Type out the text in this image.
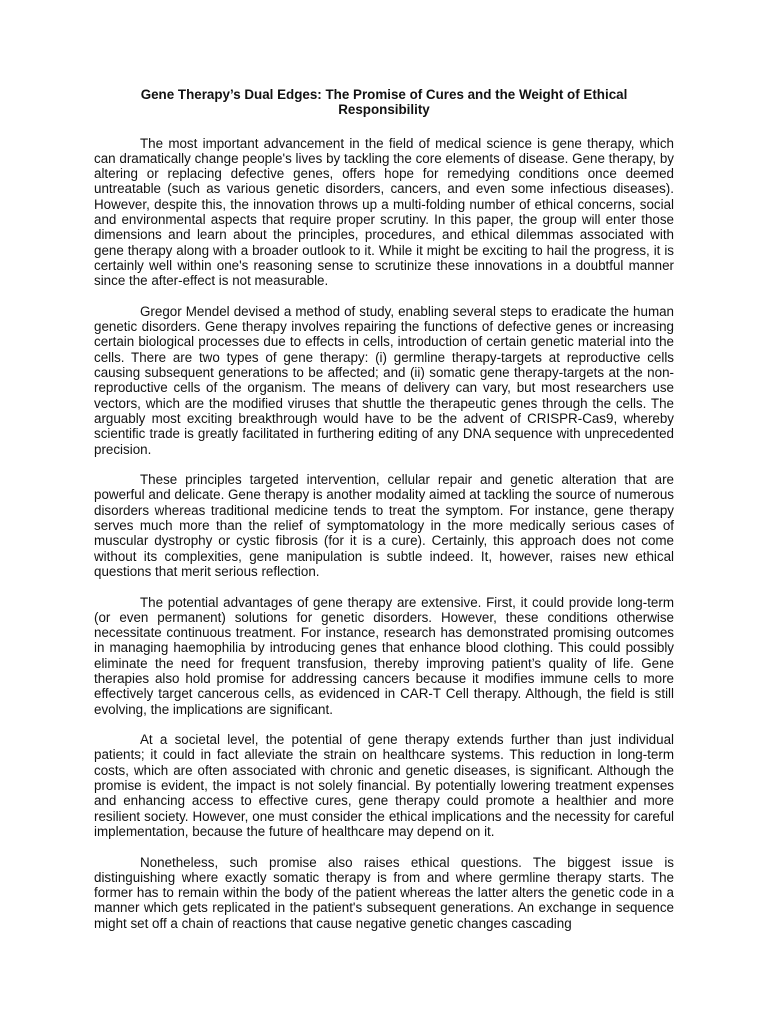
Gene Therapy’s Dual Edges: The Promise of Cures and the Weight of Ethical Responsibility

The most important advancement in the field of medical science is gene therapy, which can dramatically change people's lives by tackling the core elements of disease. Gene therapy, by altering or replacing defective genes, offers hope for remedying conditions once deemed untreatable (such as various genetic disorders, cancers, and even some infectious diseases). However, despite this, the innovation throws up a multi-folding number of ethical concerns, social and environmental aspects that require proper scrutiny. In this paper, the group will enter those dimensions and learn about the principles, procedures, and ethical dilemmas associated with gene therapy along with a broader outlook to it. While it might be exciting to hail the progress, it is certainly well within one's reasoning sense to scrutinize these innovations in a doubtful manner since the after-effect is not measurable.

Gregor Mendel devised a method of study, enabling several steps to eradicate the human genetic disorders. Gene therapy involves repairing the functions of defective genes or increasing certain biological processes due to effects in cells, introduction of certain genetic material into the cells. There are two types of gene therapy: (i) germline therapy-targets at reproductive cells causing subsequent generations to be affected; and (ii) somatic gene therapy-targets at the non-reproductive cells of the organism. The means of delivery can vary, but most researchers use vectors, which are the modified viruses that shuttle the therapeutic genes through the cells. The arguably most exciting breakthrough would have to be the advent of CRISPR-Cas9, whereby scientific trade is greatly facilitated in furthering editing of any DNA sequence with unprecedented precision.

These principles targeted intervention, cellular repair and genetic alteration that are powerful and delicate. Gene therapy is another modality aimed at tackling the source of numerous disorders whereas traditional medicine tends to treat the symptom. For instance, gene therapy serves much more than the relief of symptomatology in the more medically serious cases of muscular dystrophy or cystic fibrosis (for it is a cure). Certainly, this approach does not come without its complexities, gene manipulation is subtle indeed. It, however, raises new ethical questions that merit serious reflection.

The potential advantages of gene therapy are extensive. First, it could provide long-term (or even permanent) solutions for genetic disorders. However, these conditions otherwise necessitate continuous treatment. For instance, research has demonstrated promising outcomes in managing haemophilia by introducing genes that enhance blood clothing. This could possibly eliminate the need for frequent transfusion, thereby improving patient’s quality of life. Gene therapies also hold promise for addressing cancers because it modifies immune cells to more effectively target cancerous cells, as evidenced in CAR-T Cell therapy. Although, the field is still evolving, the implications are significant.

At a societal level, the potential of gene therapy extends further than just individual patients; it could in fact alleviate the strain on healthcare systems. This reduction in long-term costs, which are often associated with chronic and genetic diseases, is significant. Although the promise is evident, the impact is not solely financial. By potentially lowering treatment expenses and enhancing access to effective cures, gene therapy could promote a healthier and more resilient society. However, one must consider the ethical implications and the necessity for careful implementation, because the future of healthcare may depend on it.

Nonetheless, such promise also raises ethical questions. The biggest issue is distinguishing where exactly somatic therapy is from and where germline therapy starts. The former has to remain within the body of the patient whereas the latter alters the genetic code in a manner which gets replicated in the patient's subsequent generations. An exchange in sequence might set off a chain of reactions that cause negative genetic changes cascading
